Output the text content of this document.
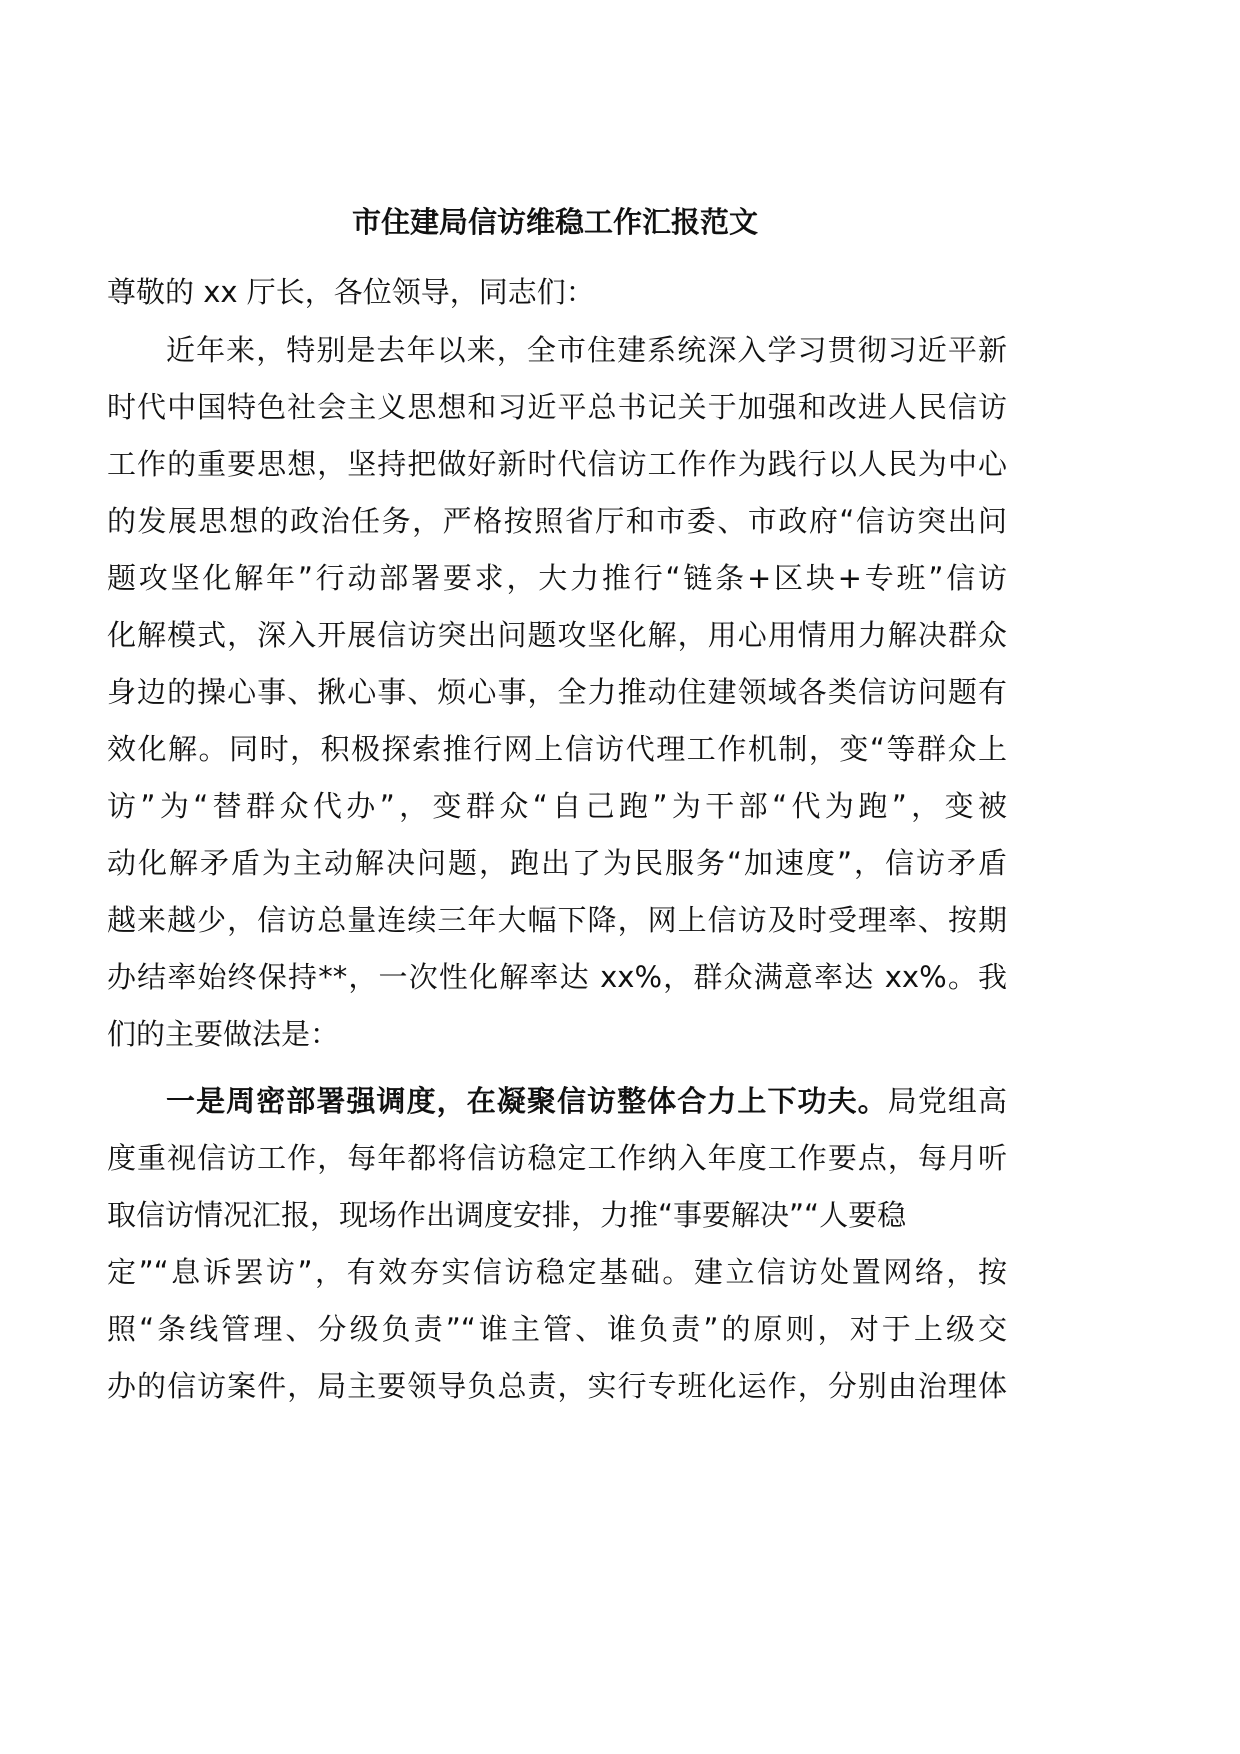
市住建局信访维稳工作汇报范文
尊敬的 xx 厅长，各位领导，同志们：
近年来，特别是去年以来，全市住建系统深入学习贯彻习近平新
时代中国特色社会主义思想和习近平总书记关于加强和改进人民信访
工作的重要思想，坚持把做好新时代信访工作作为践行以人民为中心
的发展思想的政治任务，严格按照省厅和市委、市政府“信访突出问
题攻坚化解年”行动部署要求，大力推行“链条+区块+专班”信访
化解模式，深入开展信访突出问题攻坚化解，用心用情用力解决群众
身边的操心事、揪心事、烦心事，全力推动住建领域各类信访问题有
效化解。同时，积极探索推行网上信访代理工作机制，变“等群众上
访”为“替群众代办”，变群众“自己跑”为干部“代为跑”，变被
动化解矛盾为主动解决问题，跑出了为民服务“加速度”，信访矛盾
越来越少，信访总量连续三年大幅下降，网上信访及时受理率、按期
办结率始终保持**，一次性化解率达 xx%，群众满意率达 xx%。我
们的主要做法是：
一是周密部署强调度，在凝聚信访整体合力上下功夫。局党组高
度重视信访工作，每年都将信访稳定工作纳入年度工作要点，每月听
取信访情况汇报，现场作出调度安排，力推“事要解决”“人要稳
定”“息诉罢访”，有效夯实信访稳定基础。建立信访处置网络，按
照“条线管理、分级负责”“谁主管、谁负责”的原则，对于上级交
办的信访案件，局主要领导负总责，实行专班化运作，分别由治理体
